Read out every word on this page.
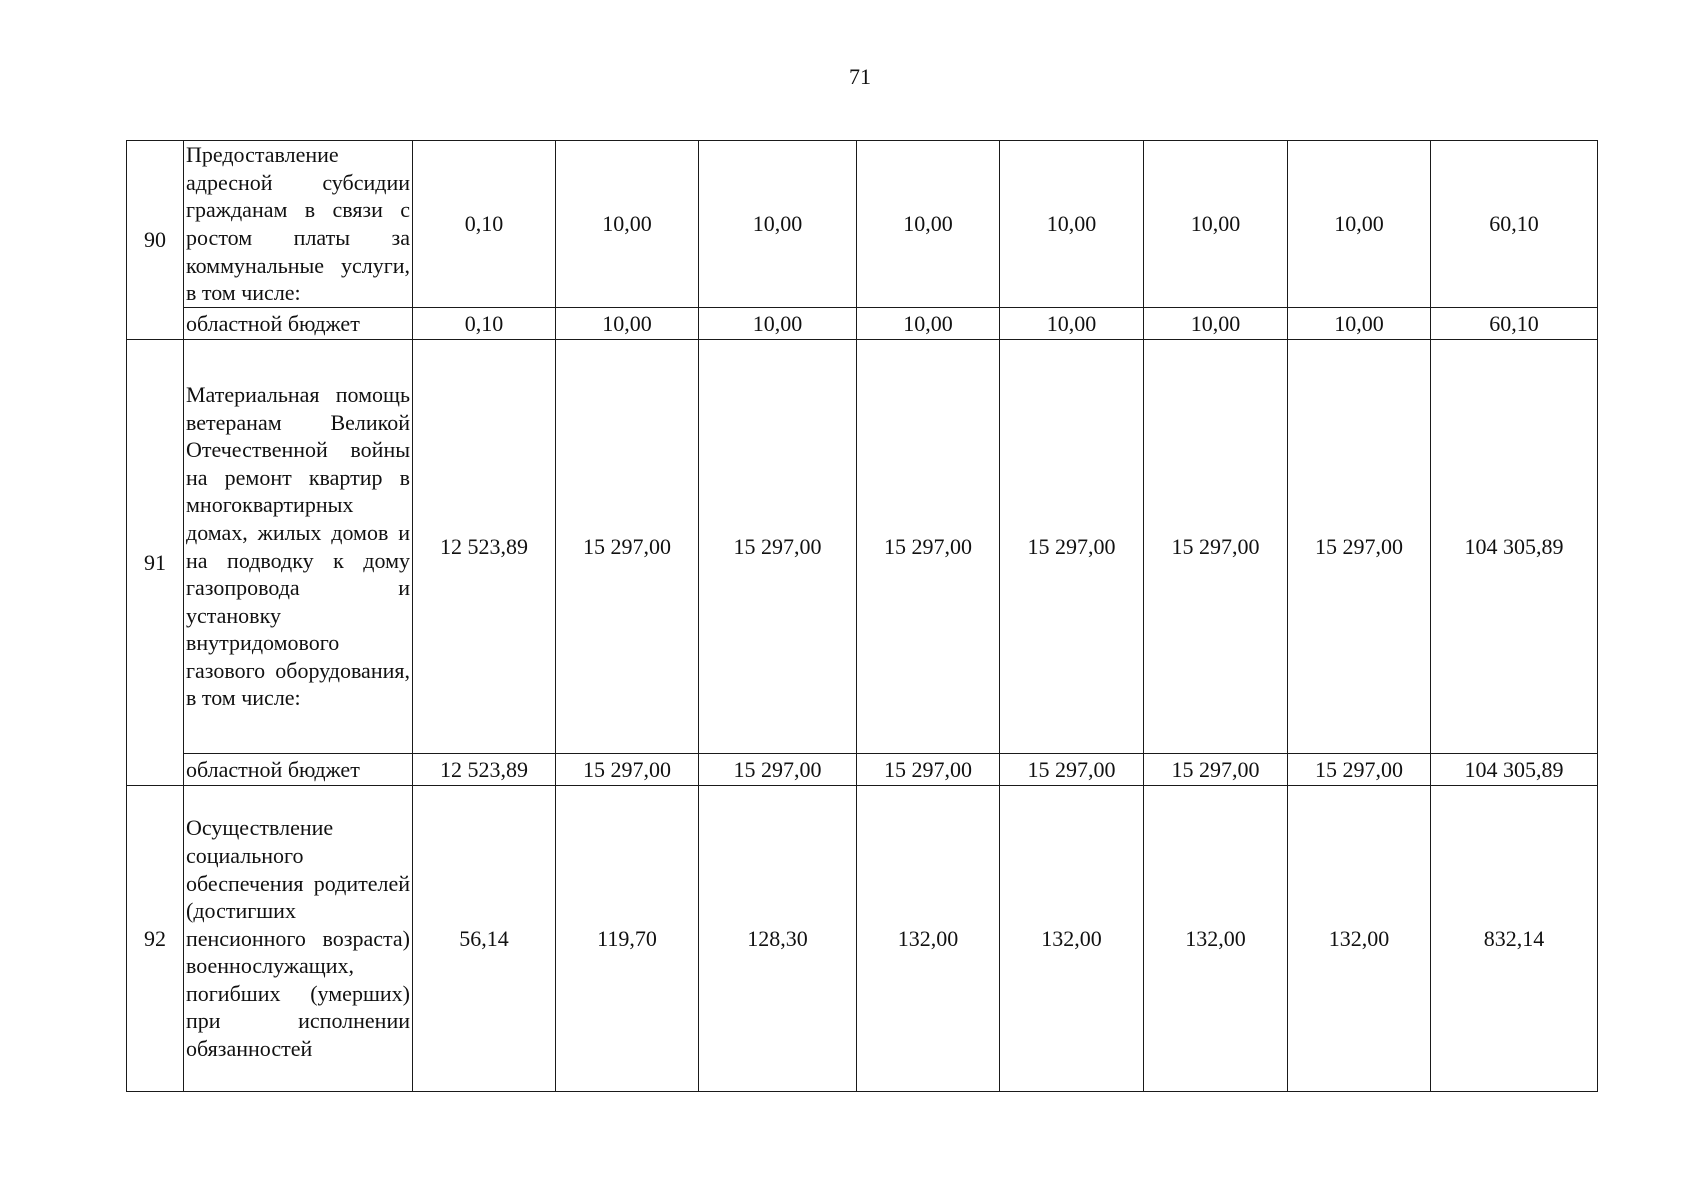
71
90	Предоставление адресной субсидии гражданам в связи с ростом платы за коммунальные услуги, в том числе:	0,10	10,00	10,00	10,00	10,00	10,00	10,00	60,10
	областной бюджет	0,10	10,00	10,00	10,00	10,00	10,00	10,00	60,10
91	Материальная помощь ветеранам Великой Отечественной войны на ремонт квартир в многоквартирных домах, жилых домов и на подводку к дому газопровода и установку внутридомового газового оборудования, в том числе:	12 523,89	15 297,00	15 297,00	15 297,00	15 297,00	15 297,00	15 297,00	104 305,89
	областной бюджет	12 523,89	15 297,00	15 297,00	15 297,00	15 297,00	15 297,00	15 297,00	104 305,89
92	Осуществление социального обеспечения родителей (достигших пенсионного возраста) военнослужащих, погибших (умерших) при исполнении обязанностей	56,14	119,70	128,30	132,00	132,00	132,00	132,00	832,14
